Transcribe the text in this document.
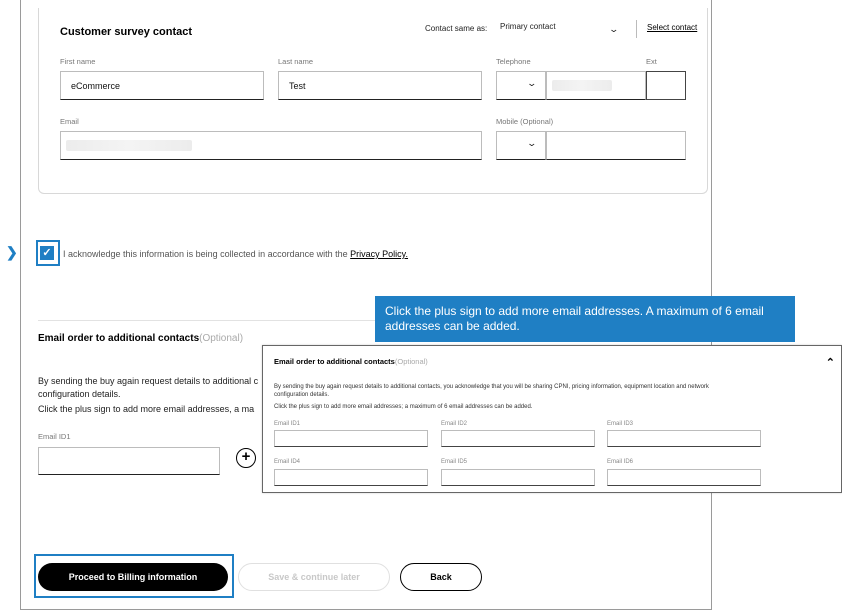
Customer survey contact	Contact same as: Primary contact	⌄	Select contact
First name
eCommerce
Last name
Test
Telephone	Ext
⌄
Email	Mobile (Optional)
⌄
❯ ✓ I acknowledge this information is being collected in accordance with the Privacy Policy.
Email order to additional contacts(Optional)
By sending the buy again request details to additional c
configuration details.
Click the plus sign to add more email addresses, a ma
Email ID1
+
Click the plus sign to add more email addresses. A maximum of 6 email addresses can be added.
Email order to additional contacts(Optional)	⌃
By sending the buy again request details to additional contacts, you acknowledge that you will be sharing CPNI, pricing information, equipment location and network
configuration details.
Click the plus sign to add more email addresses; a maximum of 6 email addresses can be added.
Email ID1	Email ID2	Email ID3
Email ID4	Email ID5	Email ID6
Proceed to Billing information	Save & continue later	Back
